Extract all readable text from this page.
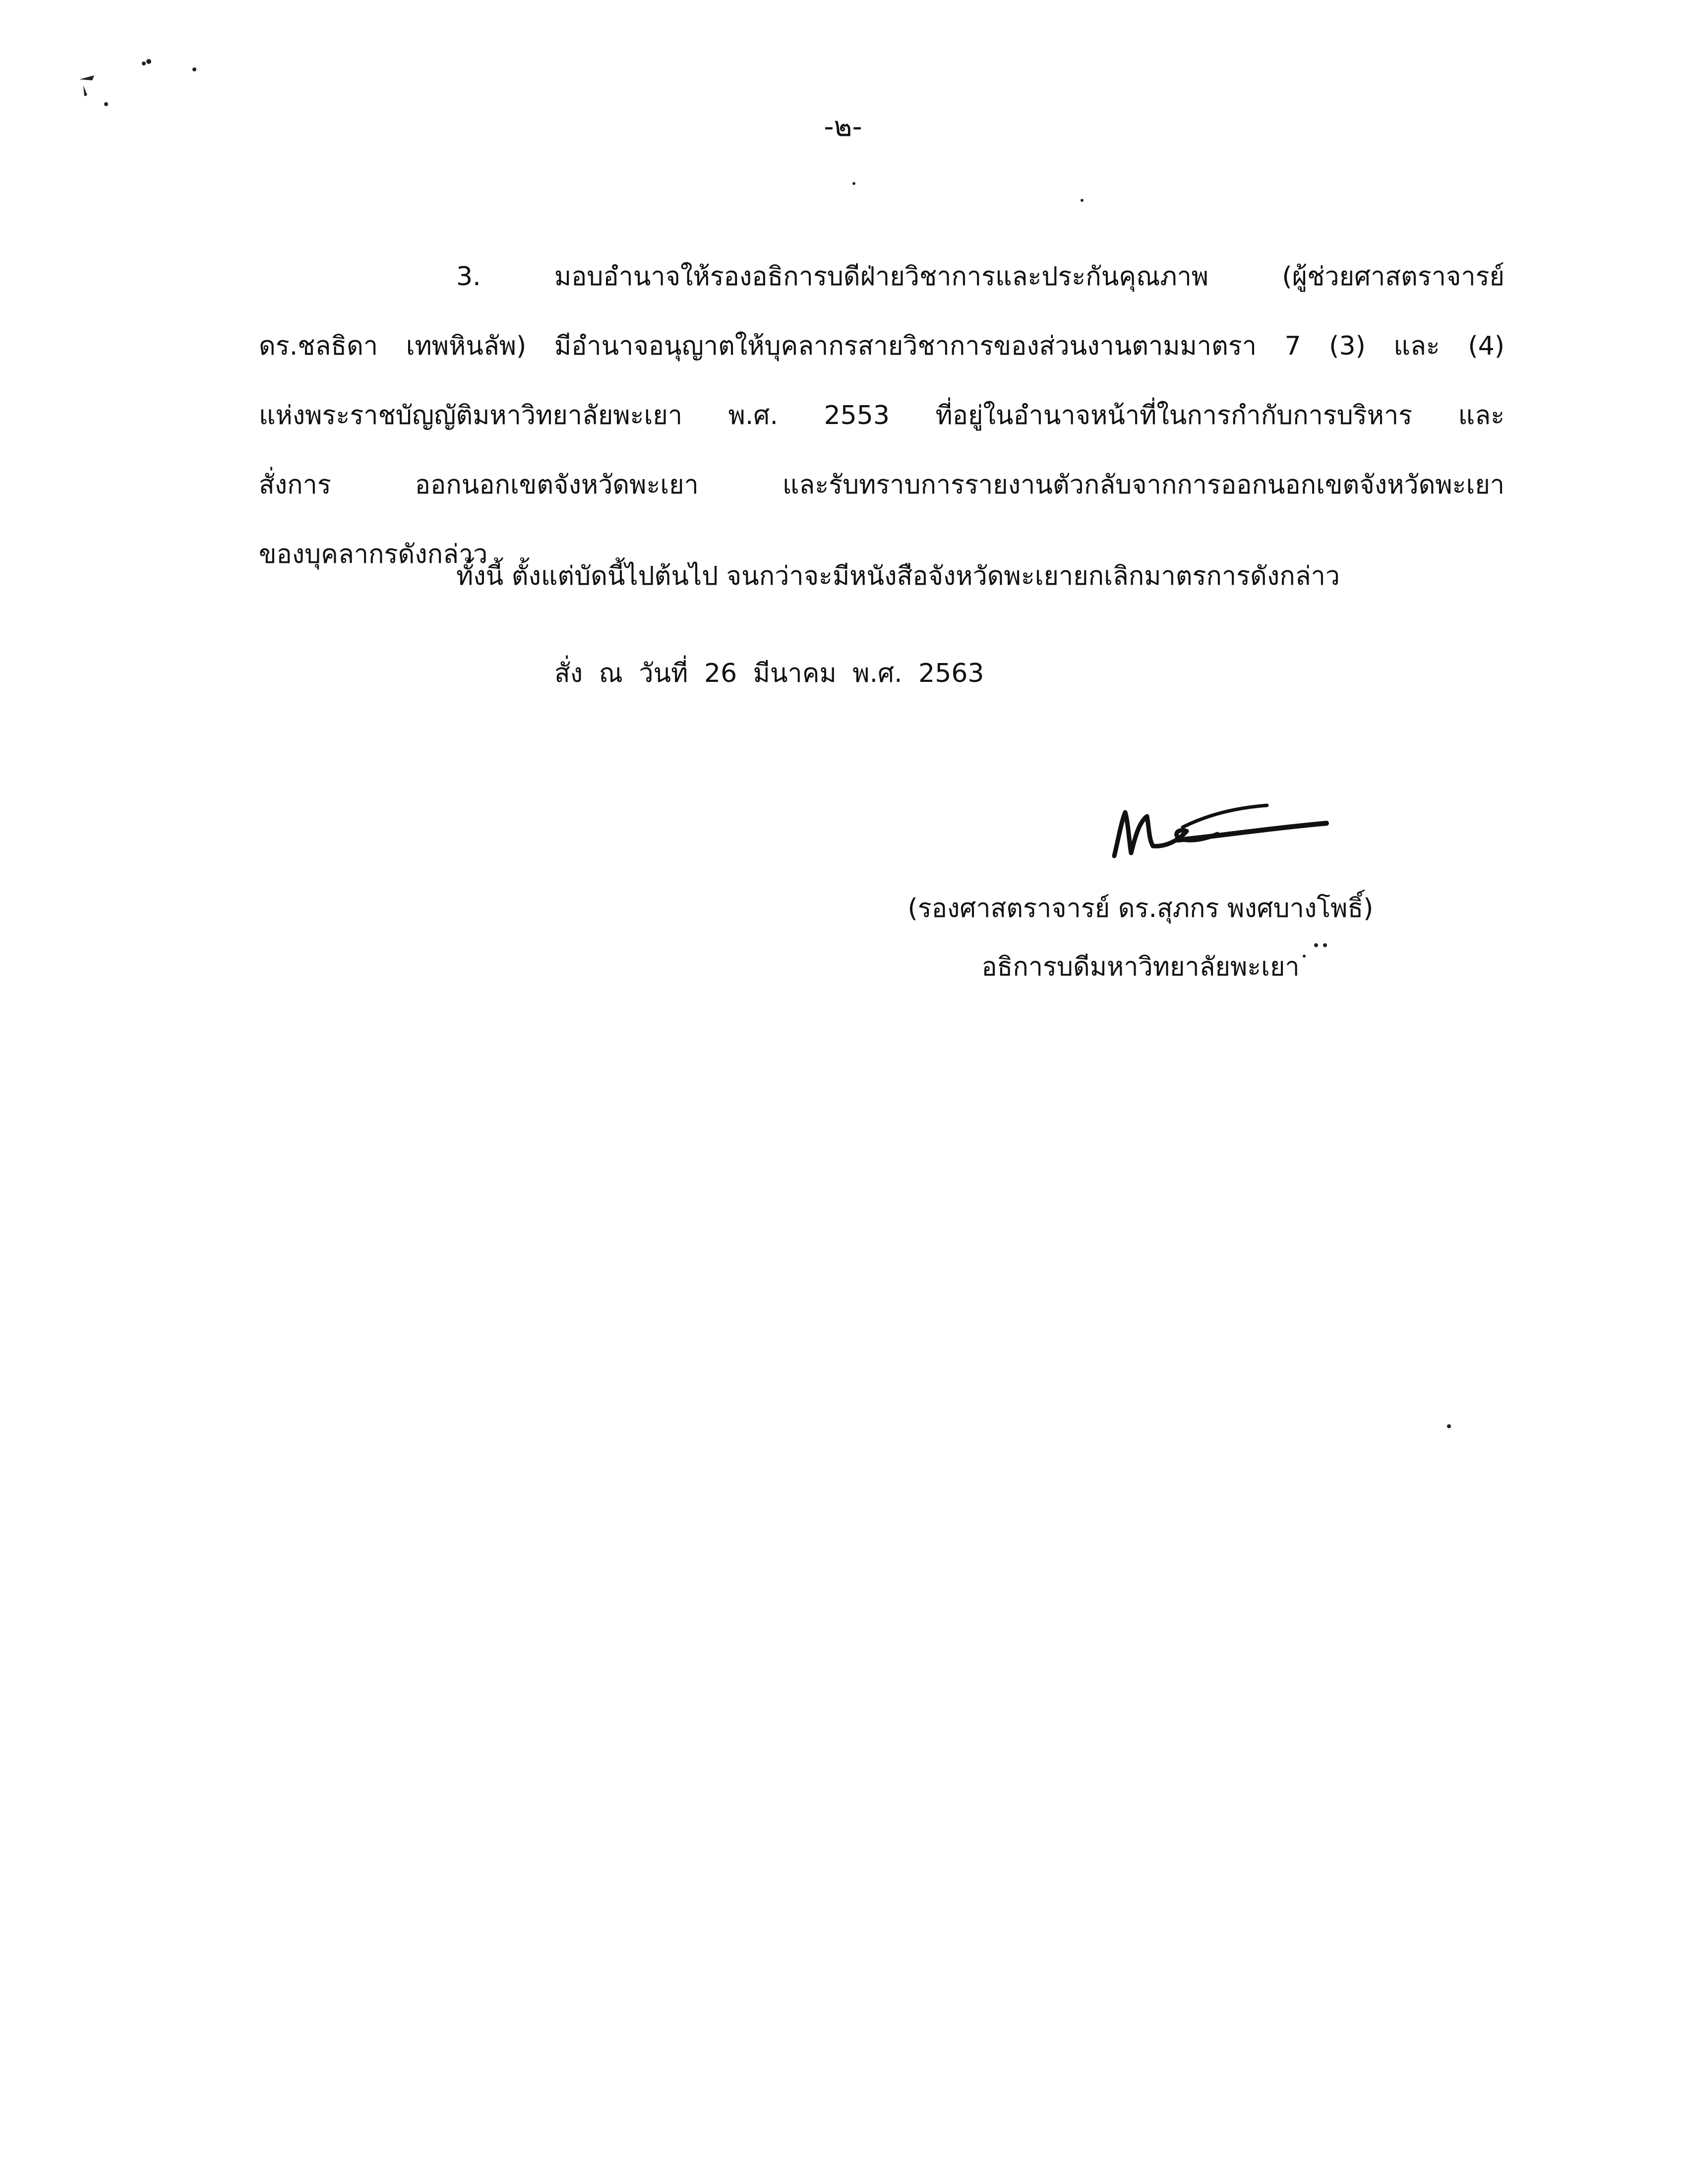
-๒-
3. มอบอำนาจให้รองอธิการบดีฝ่ายวิชาการและประกันคุณภาพ (ผู้ช่วยศาสตราจารย์
ดร.ชลธิดา เทพหินลัพ) มีอำนาจอนุญาตให้บุคลากรสายวิชาการของส่วนงานตามมาตรา 7 (3) และ (4)
แห่งพระราชบัญญัติมหาวิทยาลัยพะเยา พ.ศ. 2553 ที่อยู่ในอำนาจหน้าที่ในการกำกับการบริหาร และ
สั่งการ ออกนอกเขตจังหวัดพะเยา และรับทราบการรายงานตัวกลับจากการออกนอกเขตจังหวัดพะเยา
ของบุคลากรดังกล่าว
ทั้งนี้ ตั้งแต่บัดนี้ไปต้นไป จนกว่าจะมีหนังสือจังหวัดพะเยายกเลิกมาตรการดังกล่าว
สั่ง ณ วันที่ 26 มีนาคม พ.ศ. 2563
(รองศาสตราจารย์ ดร.สุภกร พงศบางโพธิ์)
อธิการบดีมหาวิทยาลัยพะเยา
